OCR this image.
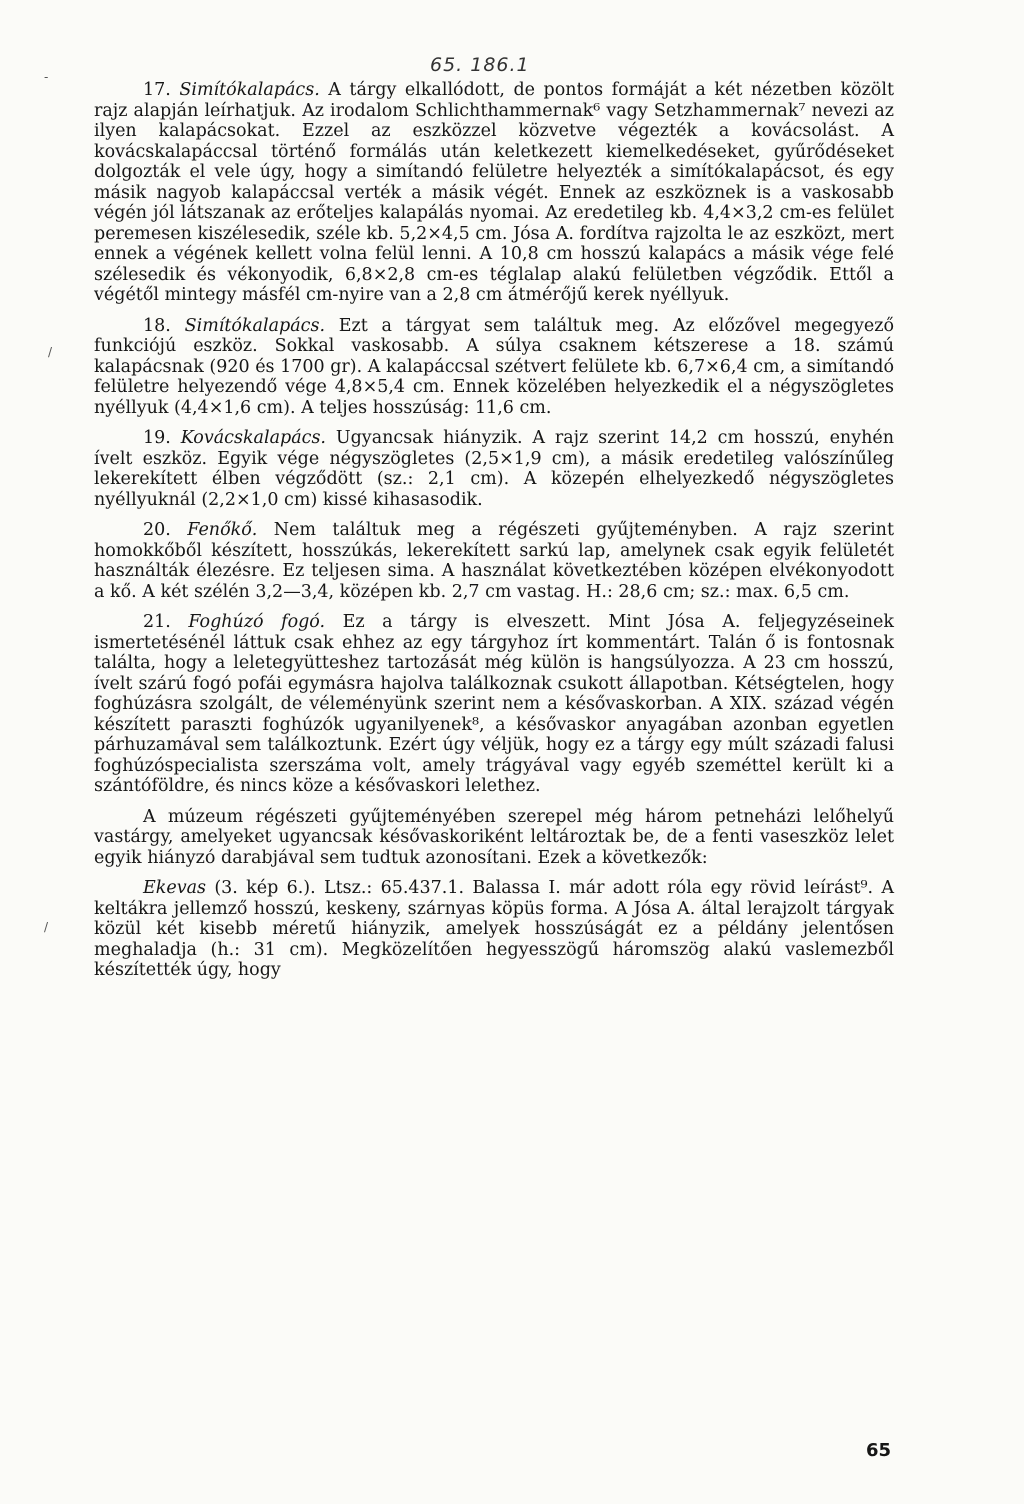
65. 186.1

17. Simítókalapács. A tárgy elkallódott, de pontos formáját a két nézetben közölt rajz alapján leírhatjuk. Az irodalom Schlichthammernak⁶ vagy Setzhammernak⁷ nevezi az ilyen kalapácsokat. Ezzel az eszközzel közvetve végezték a kovácsolást. A kovácskalapáccsal történő formálás után keletkezett kiemelkedéseket, gyűrődéseket dolgozták el vele úgy, hogy a simítandó felületre helyezték a simítókalapácsot, és egy másik nagyob kalapáccsal verték a másik végét. Ennek az eszköznek is a vaskosabb végén jól látszanak az erőteljes kalapálás nyomai. Az eredetileg kb. 4,4×3,2 cm-es felület peremesen kiszélesedik, széle kb. 5,2×4,5 cm. Jósa A. fordítva rajzolta le az eszközt, mert ennek a végének kellett volna felül lenni. A 10,8 cm hosszú kalapács a másik vége felé szélesedik és vékonyodik, 6,8×2,8 cm-es téglalap alakú felületben végződik. Ettől a végétől mintegy másfél cm-nyire van a 2,8 cm átmérőjű kerek nyéllyuk.

18. Simítókalapács. Ezt a tárgyat sem találtuk meg. Az előzővel megegyező funkciójú eszköz. Sokkal vaskosabb. A súlya csaknem kétszerese a 18. számú kalapácsnak (920 és 1700 gr). A kalapáccsal szétvert felülete kb. 6,7×6,4 cm, a simítandó felületre helyezendő vége 4,8×5,4 cm. Ennek közelében helyezkedik el a négyszögletes nyéllyuk (4,4×1,6 cm). A teljes hosszúság: 11,6 cm.

19. Kovácskalapács. Ugyancsak hiányzik. A rajz szerint 14,2 cm hosszú, enyhén ívelt eszköz. Egyik vége négyszögletes (2,5×1,9 cm), a másik eredetileg valószínűleg lekerekített élben végződött (sz.: 2,1 cm). A közepén elhelyezkedő négyszögletes nyéllyuknál (2,2×1,0 cm) kissé kihasasodik.

20. Fenőkő. Nem találtuk meg a régészeti gyűjteményben. A rajz szerint homokkőből készített, hosszúkás, lekerekített sarkú lap, amelynek csak egyik felületét használták élezésre. Ez teljesen sima. A használat következtében középen elvékonyodott a kő. A két szélén 3,2—3,4, középen kb. 2,7 cm vastag. H.: 28,6 cm; sz.: max. 6,5 cm.

21. Foghúzó fogó. Ez a tárgy is elveszett. Mint Jósa A. feljegyzéseinek ismertetésénél láttuk csak ehhez az egy tárgyhoz írt kommentárt. Talán ő is fontosnak találta, hogy a leletegyütteshez tartozását még külön is hangsúlyozza. A 23 cm hosszú, ívelt szárú fogó pofái egymásra hajolva találkoznak csukott állapotban. Kétségtelen, hogy foghúzásra szolgált, de véleményünk szerint nem a késővaskorban. A XIX. század végén készített paraszti foghúzók ugyanilyenek⁸, a késővaskor anyagában azonban egyetlen párhuzamával sem találkoztunk. Ezért úgy véljük, hogy ez a tárgy egy múlt századi falusi foghúzóspecialista szerszáma volt, amely trágyával vagy egyéb szeméttel került ki a szántóföldre, és nincs köze a késővaskori lelethez.

A múzeum régészeti gyűjteményében szerepel még három petneházi lelőhelyű vastárgy, amelyeket ugyancsak késővaskoriként leltároztak be, de a fenti vaseszköz lelet egyik hiányzó darabjával sem tudtuk azonosítani. Ezek a következők:

Ekevas (3. kép 6.). Ltsz.: 65.437.1. Balassa I. már adott róla egy rövid leírást⁹. A keltákra jellemző hosszú, keskeny, szárnyas köpüs forma. A Jósa A. által lerajzolt tárgyak közül két kisebb méretű hiányzik, amelyek hosszúságát ez a példány jelentősen meghaladja (h.: 31 cm). Megközelítően hegyesszögű háromszög alakú vaslemezből készítették úgy, hogy

-
/
/
65
